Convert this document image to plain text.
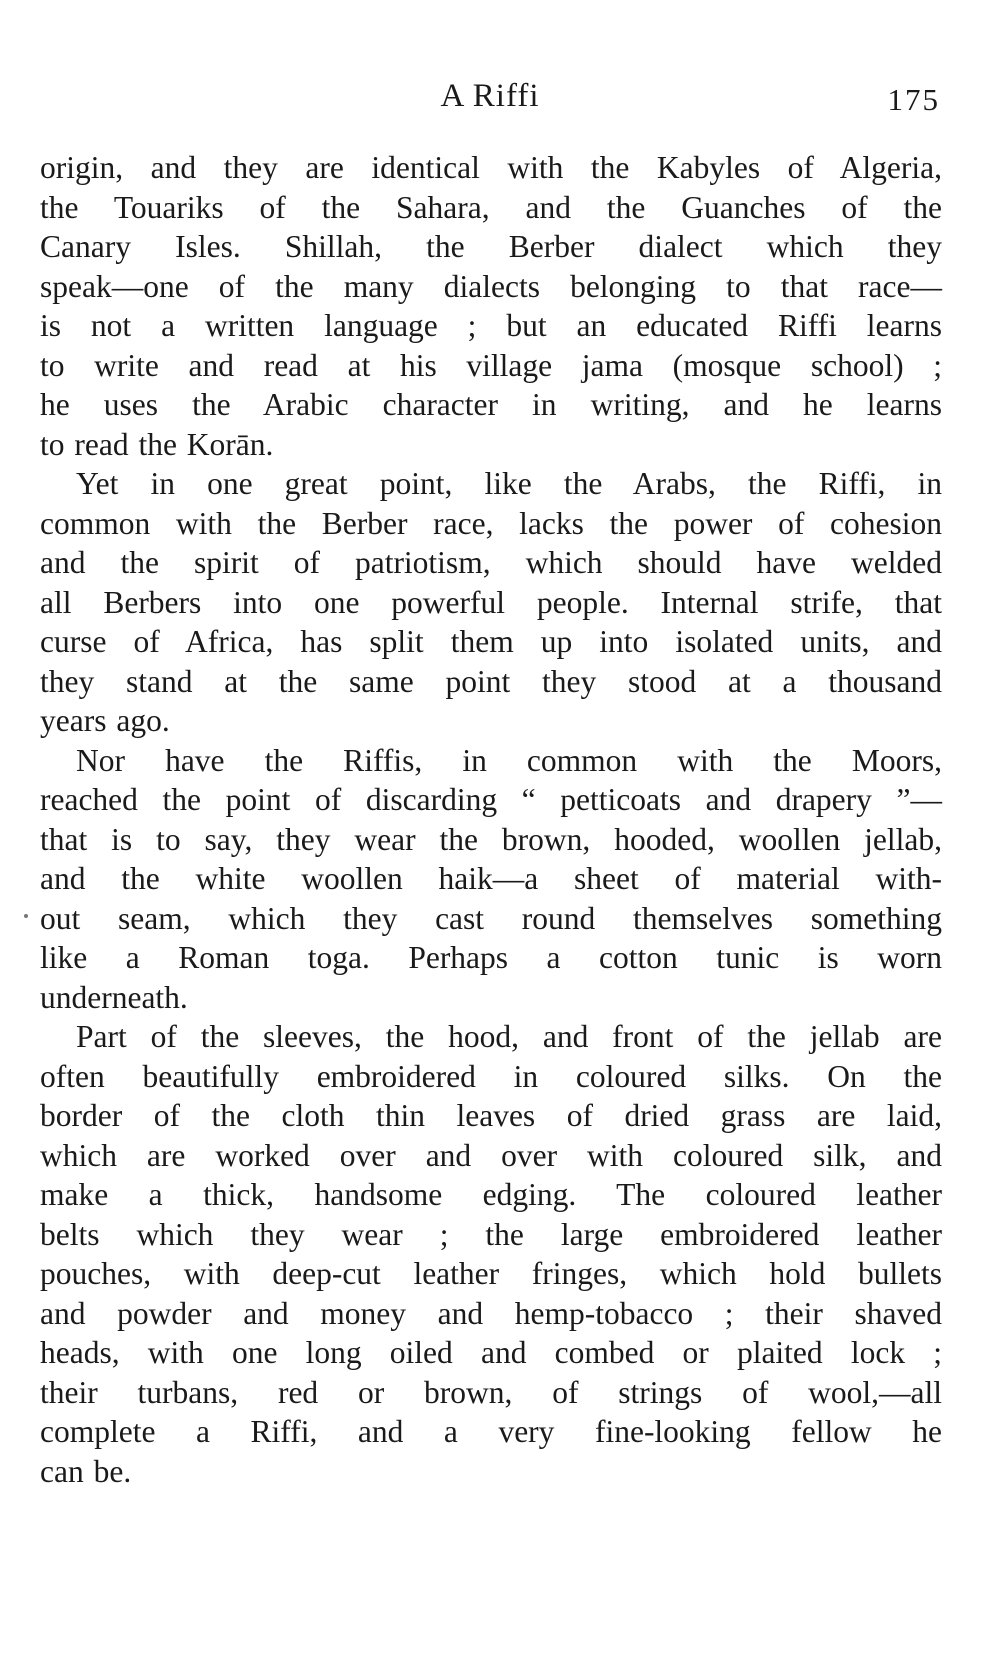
A Riffi	175
origin, and they are identical with the Kabyles of Algeria,
the Touariks of the Sahara, and the Guanches of the
Canary Isles. Shillah, the Berber dialect which they
speak—one of the many dialects belonging to that race—
is not a written language ; but an educated Riffi learns
to write and read at his village jama (mosque school) ;
he uses the Arabic character in writing, and he learns
to read the Korān.
Yet in one great point, like the Arabs, the Riffi, in
common with the Berber race, lacks the power of cohesion
and the spirit of patriotism, which should have welded
all Berbers into one powerful people. Internal strife, that
curse of Africa, has split them up into isolated units, and
they stand at the same point they stood at a thousand
years ago.
Nor have the Riffis, in common with the Moors,
reached the point of discarding “ petticoats and drapery ”—
that is to say, they wear the brown, hooded, woollen jellab,
and the white woollen haik—a sheet of material with-
out seam, which they cast round themselves something
like a Roman toga. Perhaps a cotton tunic is worn
underneath.
Part of the sleeves, the hood, and front of the jellab are
often beautifully embroidered in coloured silks. On the
border of the cloth thin leaves of dried grass are laid,
which are worked over and over with coloured silk, and
make a thick, handsome edging. The coloured leather
belts which they wear ; the large embroidered leather
pouches, with deep-cut leather fringes, which hold bullets
and powder and money and hemp-tobacco ; their shaved
heads, with one long oiled and combed or plaited lock ;
their turbans, red or brown, of strings of wool,—all
complete a Riffi, and a very fine-looking fellow he
can be.
